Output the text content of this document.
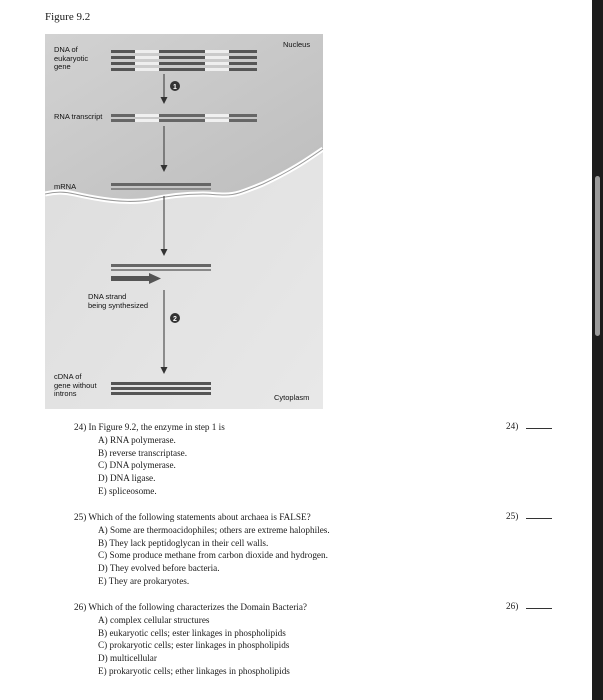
Figure 9.2
1
2
DNA of
eukaryotic
gene
RNA transcript
mRNA
DNA strand
being synthesized
cDNA of
gene without
introns
Nucleus
Cytoplasm
24) In Figure 9.2, the enzyme in step 1 is
A) RNA polymerase.
B) reverse transcriptase.
C) DNA polymerase.
D) DNA ligase.
E) spliceosome.
24)
25) Which of the following statements about archaea is FALSE?
A) Some are thermoacidophiles; others are extreme halophiles.
B) They lack peptidoglycan in their cell walls.
C) Some produce methane from carbon dioxide and hydrogen.
D) They evolved before bacteria.
E) They are prokaryotes.
25)
26) Which of the following characterizes the Domain Bacteria?
A) complex cellular structures
B) eukaryotic cells; ester linkages in phospholipids
C) prokaryotic cells; ester linkages in phospholipids
D) multicellular
E) prokaryotic cells; ether linkages in phospholipids
26)
